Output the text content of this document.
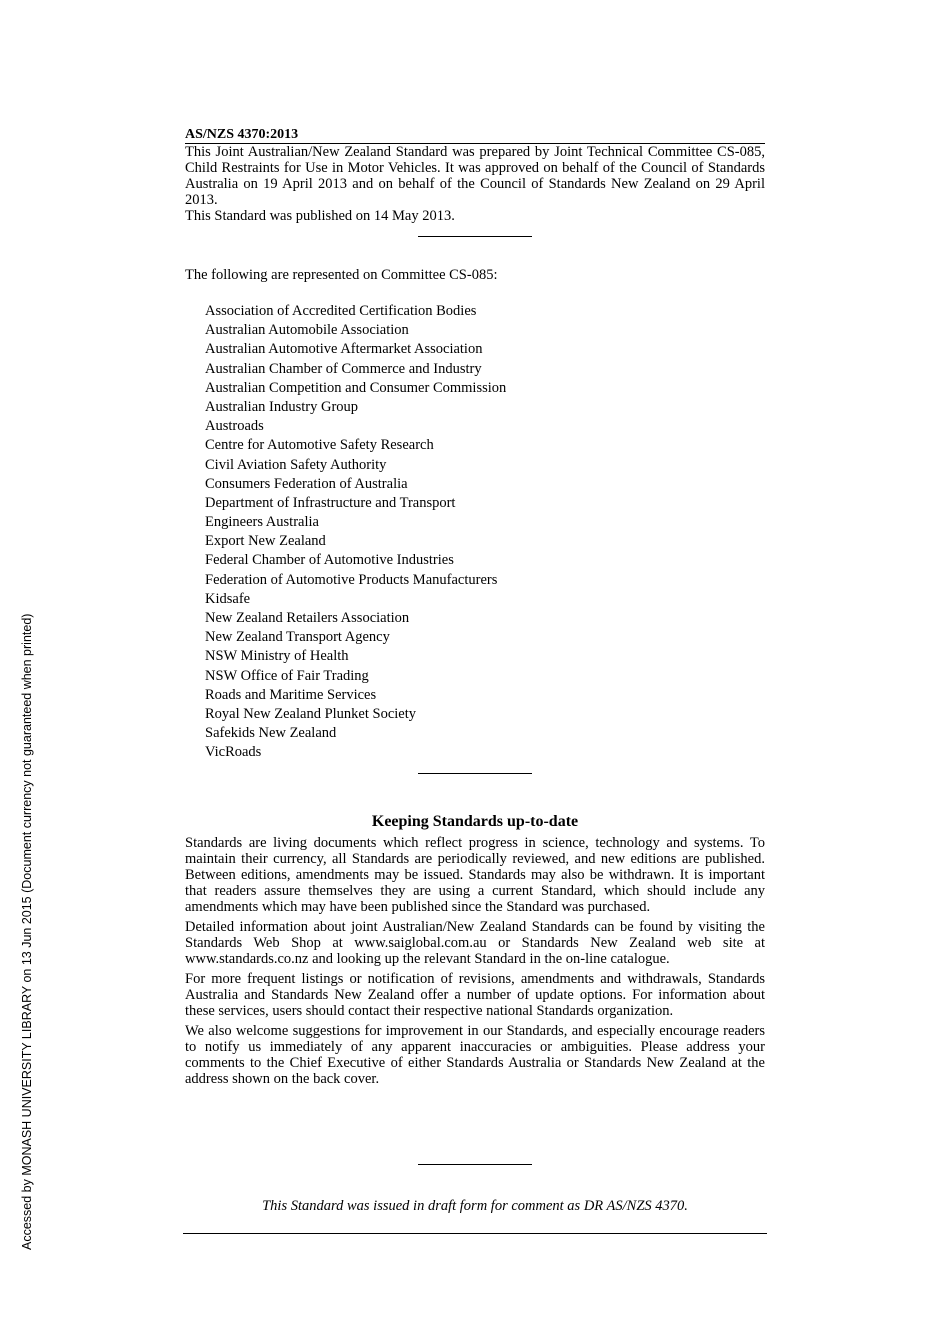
Accessed by MONASH UNIVERSITY LIBRARY on 13 Jun 2015 (Document currency not guaranteed when printed)

AS/NZS 4370:2013

This Joint Australian/New Zealand Standard was prepared by Joint Technical Committee CS-085, Child Restraints for Use in Motor Vehicles. It was approved on behalf of the Council of Standards Australia on 19 April 2013 and on behalf of the Council of Standards New Zealand on 29 April 2013.

This Standard was published on 14 May 2013.

The following are represented on Committee CS-085:

Association of Accredited Certification Bodies
Australian Automobile Association
Australian Automotive Aftermarket Association
Australian Chamber of Commerce and Industry
Australian Competition and Consumer Commission
Australian Industry Group
Austroads
Centre for Automotive Safety Research
Civil Aviation Safety Authority
Consumers Federation of Australia
Department of Infrastructure and Transport
Engineers Australia
Export New Zealand
Federal Chamber of Automotive Industries
Federation of Automotive Products Manufacturers
Kidsafe
New Zealand Retailers Association
New Zealand Transport Agency
NSW Ministry of Health
NSW Office of Fair Trading
Roads and Maritime Services
Royal New Zealand Plunket Society
Safekids New Zealand
VicRoads

Keeping Standards up-to-date

Standards are living documents which reflect progress in science, technology and systems. To maintain their currency, all Standards are periodically reviewed, and new editions are published. Between editions, amendments may be issued. Standards may also be withdrawn. It is important that readers assure themselves they are using a current Standard, which should include any amendments which may have been published since the Standard was purchased.

Detailed information about joint Australian/New Zealand Standards can be found by visiting the Standards Web Shop at www.saiglobal.com.au or Standards New Zealand web site at www.standards.co.nz and looking up the relevant Standard in the on-line catalogue.

For more frequent listings or notification of revisions, amendments and withdrawals, Standards Australia and Standards New Zealand offer a number of update options. For information about these services, users should contact their respective national Standards organization.

We also welcome suggestions for improvement in our Standards, and especially encourage readers to notify us immediately of any apparent inaccuracies or ambiguities. Please address your comments to the Chief Executive of either Standards Australia or Standards New Zealand at the address shown on the back cover.

This Standard was issued in draft form for comment as DR AS/NZS 4370.
